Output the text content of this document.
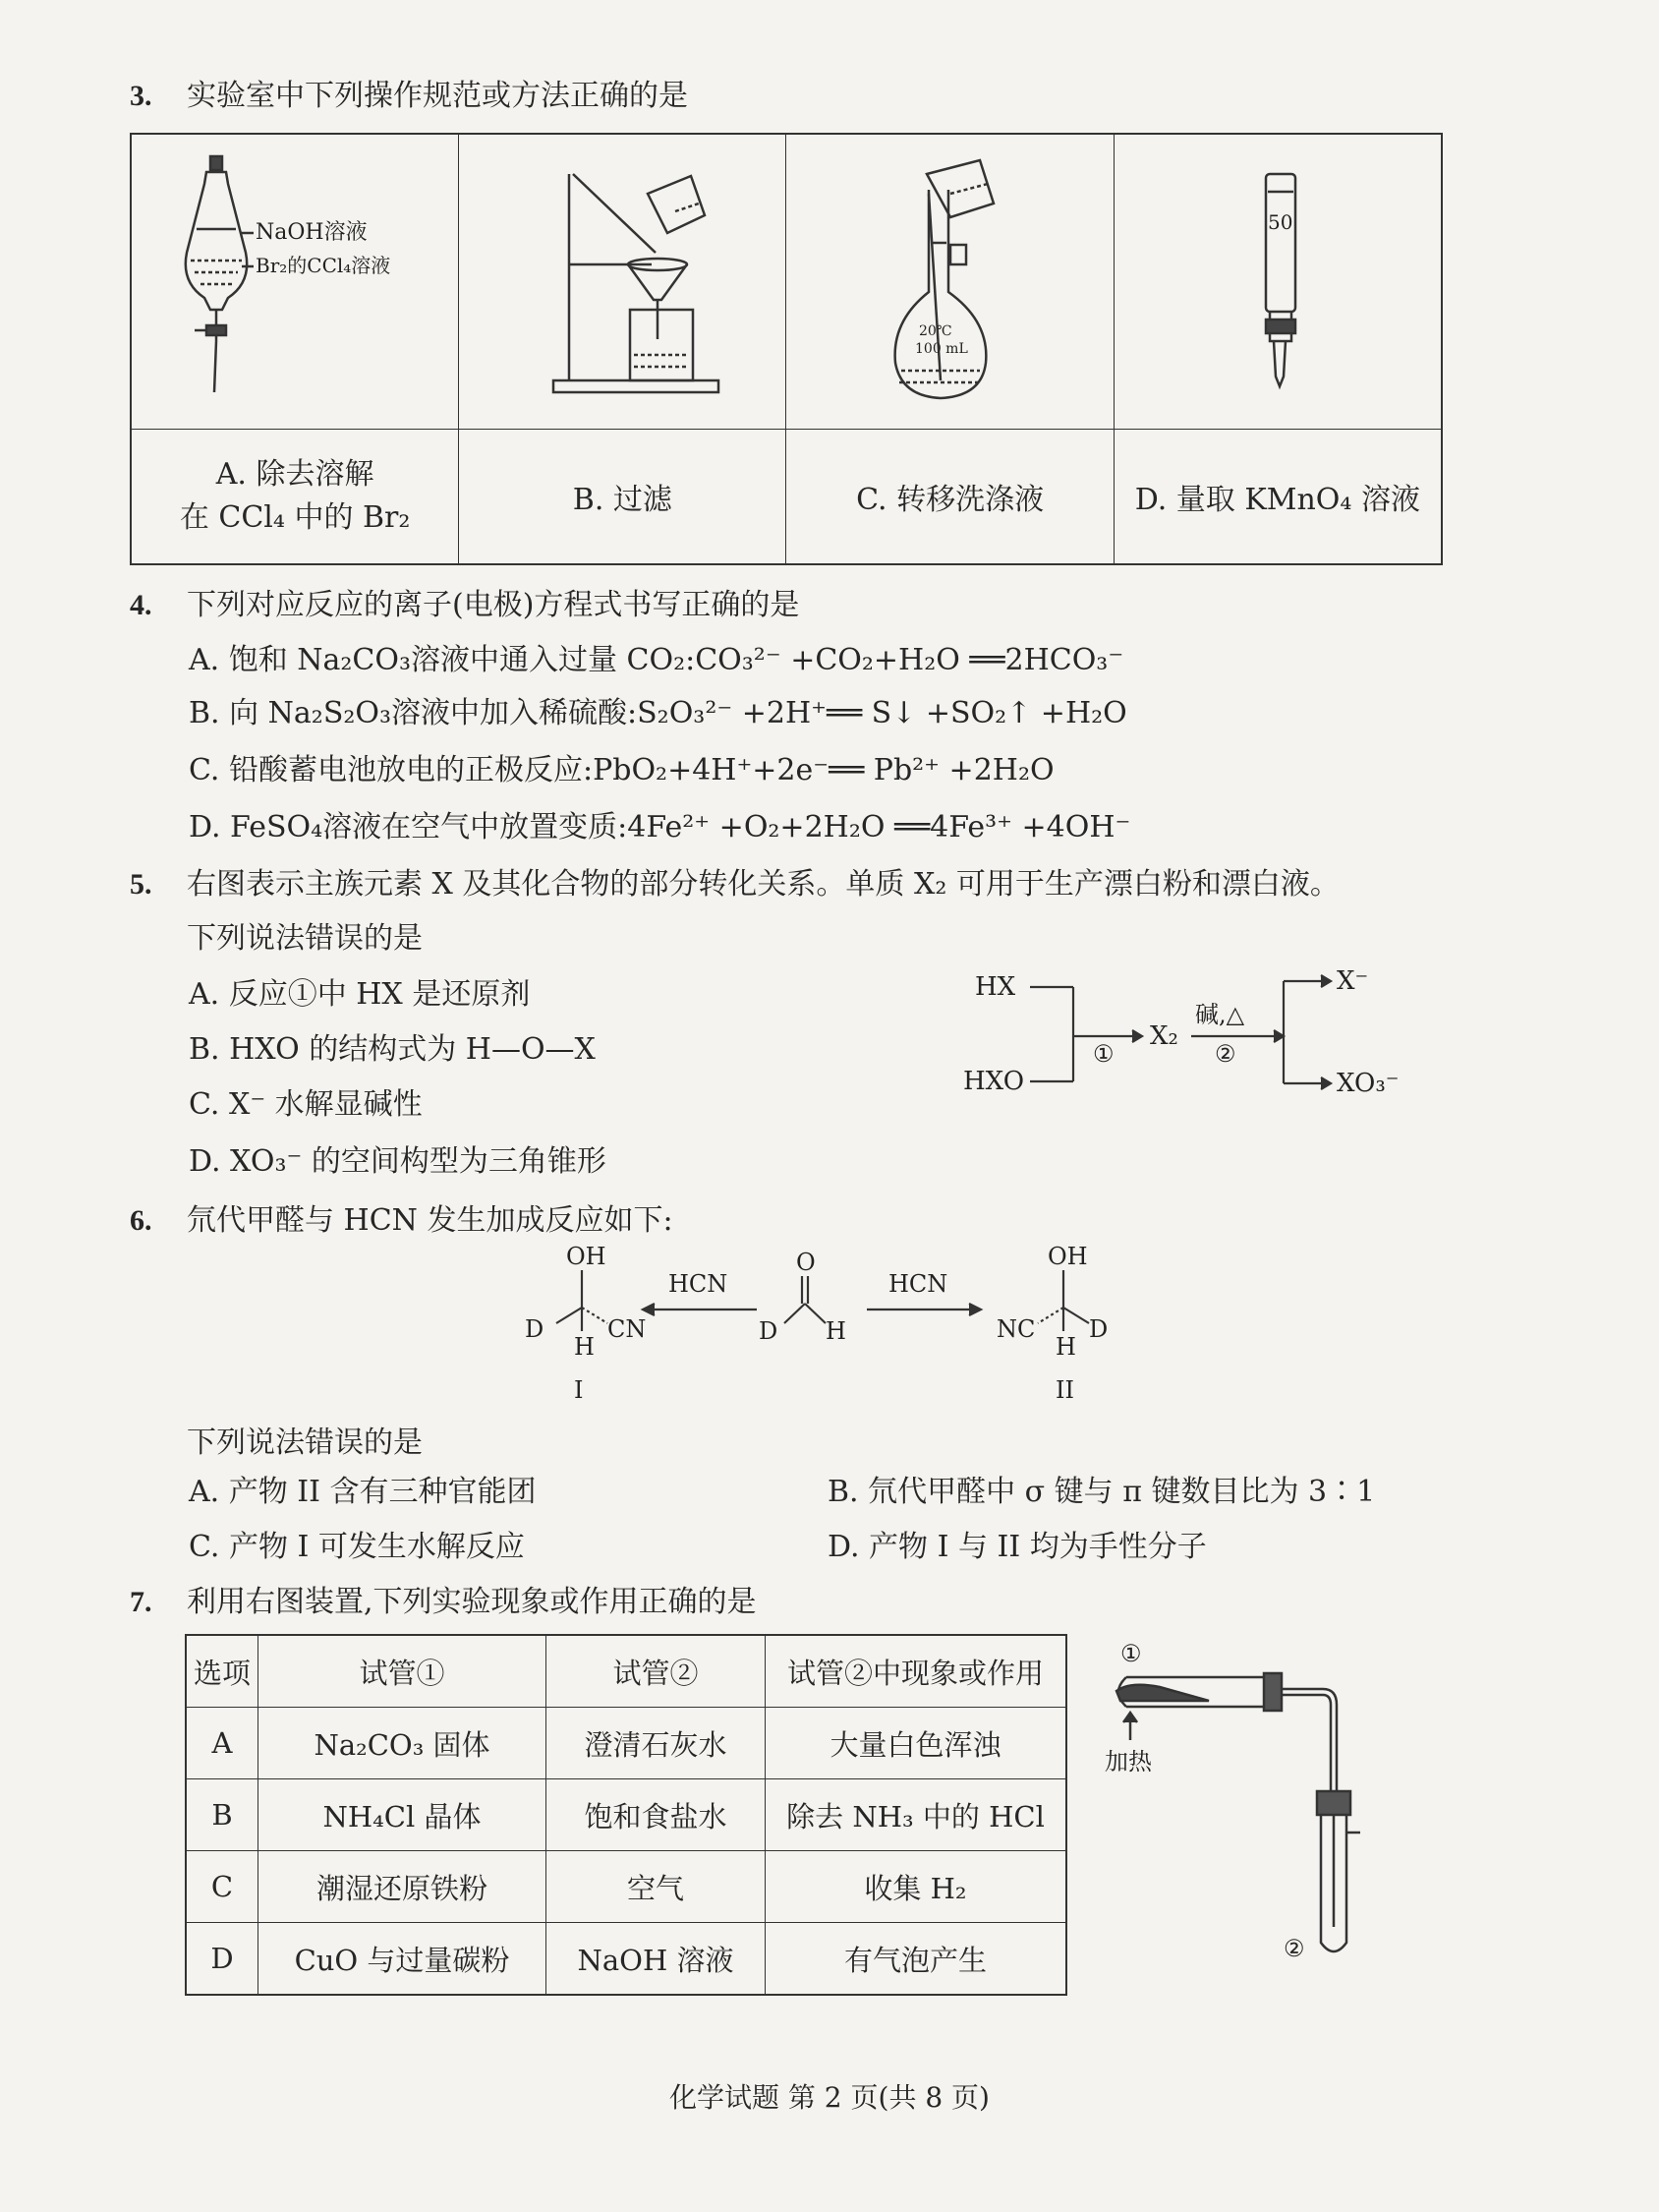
3. 实验室中下列操作规范或方法正确的是
NaOH溶液
Br₂的CCl₄溶液		20℃
100 mL	50

A. 除去溶解
在 CCl₄ 中的 Br₂	B. 过滤	C. 转移洗涤液	D. 量取 KMnO₄ 溶液
4. 下列对应反应的离子(电极)方程式书写正确的是
A. 饱和 Na₂CO₃溶液中通入过量 CO₂:CO₃²⁻ +CO₂+H₂O ══2HCO₃⁻
B. 向 Na₂S₂O₃溶液中加入稀硫酸:S₂O₃²⁻ +2H⁺══ S↓ +SO₂↑ +H₂O
C. 铅酸蓄电池放电的正极反应:PbO₂+4H⁺+2e⁻══ Pb²⁺ +2H₂O
D. FeSO₄溶液在空气中放置变质:4Fe²⁺ +O₂+2H₂O ══4Fe³⁺ +4OH⁻
5. 右图表示主族元素 X 及其化合物的部分转化关系。单质 X₂ 可用于生产漂白粉和漂白液。
下列说法错误的是
A. 反应①中 HX 是还原剂
B. HXO 的结构式为 H—O—X
C. X⁻ 水解显碱性
D. XO₃⁻ 的空间构型为三角锥形
HX
HXO
①
X₂
碱,△
②
X⁻
XO₃⁻
6. 氘代甲醛与 HCN 发生加成反应如下:
OH
D	CN
H
O
D H
OH
NC D
H
HCN	HCN
I	II
下列说法错误的是
A. 产物 II 含有三种官能团	B. 氘代甲醛中 σ 键与 π 键数目比为 3∶1
C. 产物 I 可发生水解反应	D. 产物 I 与 II 均为手性分子
7. 利用右图装置,下列实验现象或作用正确的是
选项	试管①	试管②	试管②中现象或作用
A	Na₂CO₃ 固体	澄清石灰水	大量白色浑浊
B	NH₄Cl 晶体	饱和食盐水	除去 NH₃ 中的 HCl
C	潮湿还原铁粉	空气	收集 H₂
D	CuO 与过量碳粉	NaOH 溶液	有气泡产生
①
加热
②
化学试题 第 2 页(共 8 页)
